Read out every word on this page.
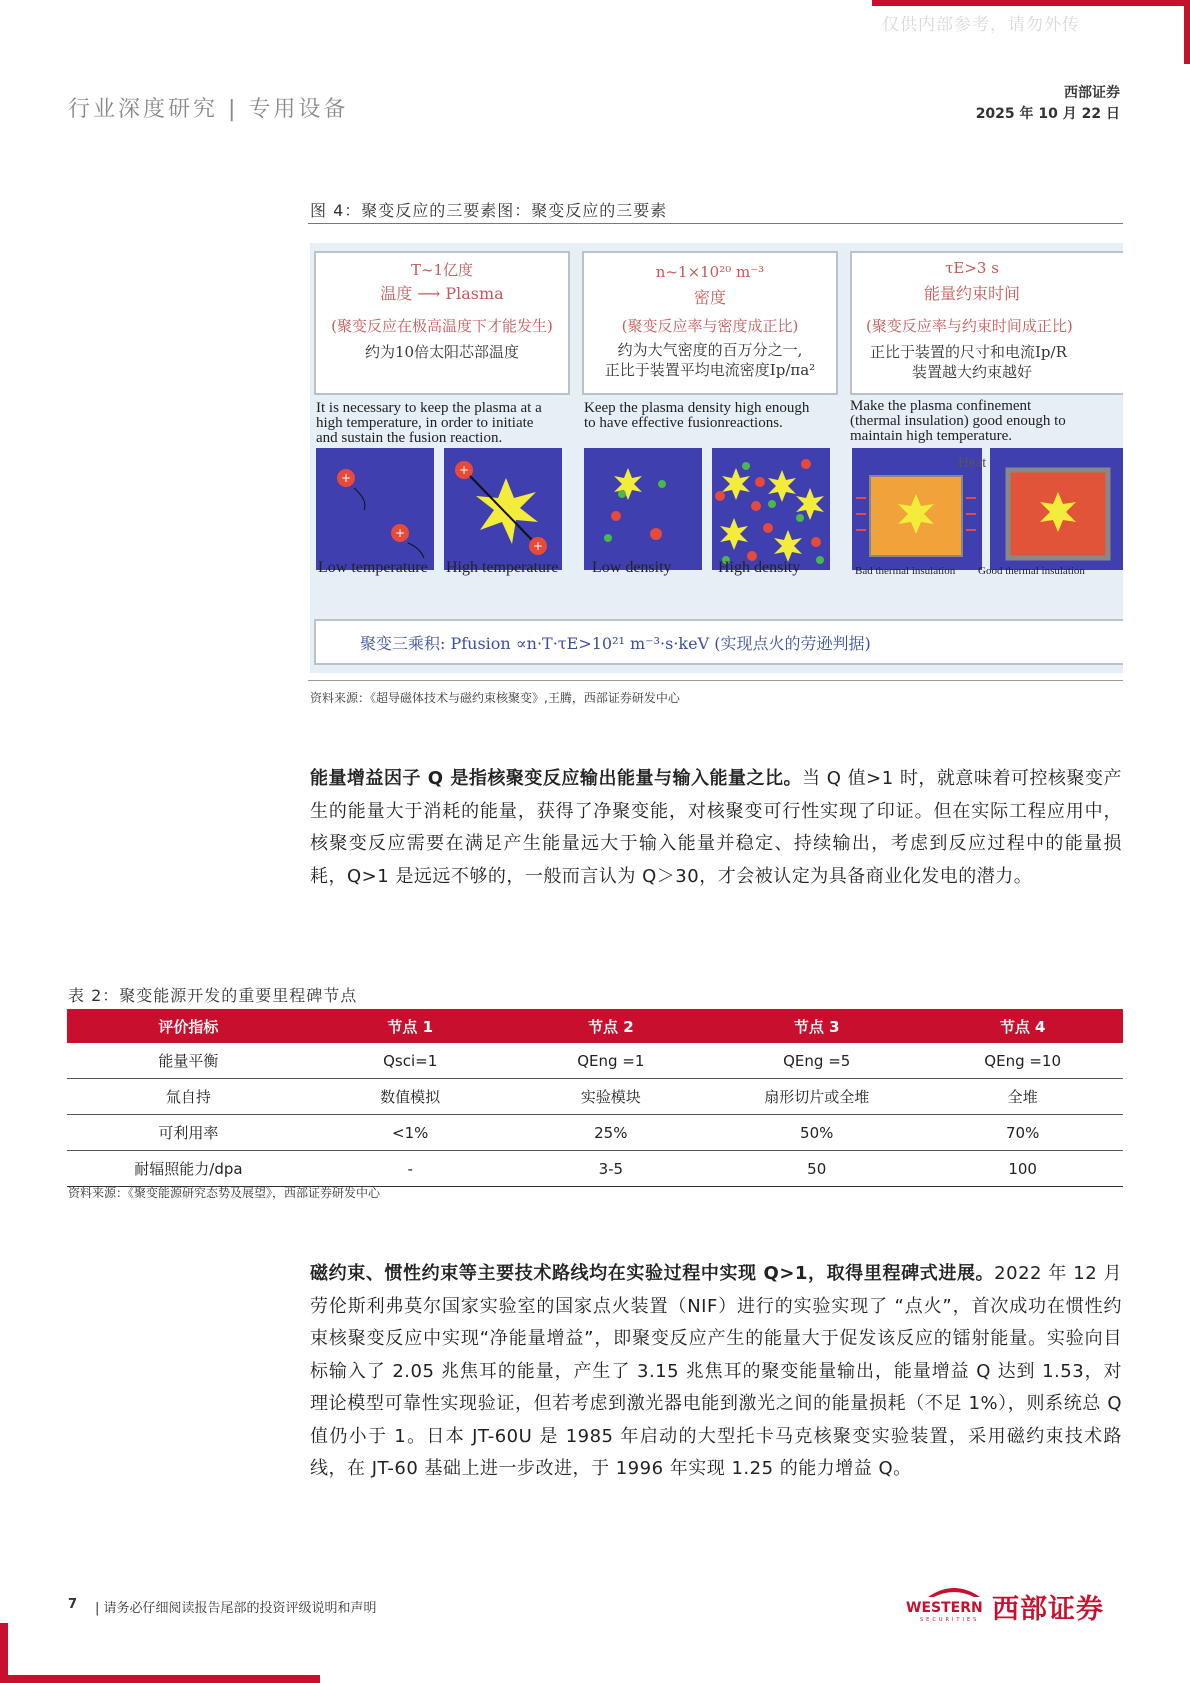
仅供内部参考，请勿外传
行业深度研究 | 专用设备
西部证券
2025 年 10 月 22 日
图 4：聚变反应的三要素图：聚变反应的三要素
T~1亿度
温度 ⟶ Plasma
(聚变反应在极高温度下才能发生)
约为10倍太阳芯部温度
n~1×10²⁰ m⁻³
密度
(聚变反应率与密度成正比)
约为大气密度的百万分之一,
正比于装置平均电流密度Ip/πa²
τE>3 s
能量约束时间
(聚变反应率与约束时间成正比)
正比于装置的尺寸和电流Ip/R
装置越大约束越好
It is necessary to keep the plasma at a
high temperature, in order to initiate
and sustain the fusion reaction.
Keep the plasma density high enough
to have effective fusionreactions.
Make the plasma confinement
(thermal insulation) good enough to
maintain high temperature.
+
+
+
+
Low temperature High temperature Low density	High density
Heat
Bad thermal insulation Good thermal insulation
聚变三乘积: Pfusion ∝n·T·τE>10²¹ m⁻³·s·keV (实现点火的劳逊判据)
资料来源：《超导磁体技术与磁约束核聚变》,王腾，西部证券研发中心
能量增益因子 Q 是指核聚变反应输出能量与输入能量之比。当 Q 值>1 时，就意味着可控核聚变产生的能量大于消耗的能量，获得了净聚变能，对核聚变可行性实现了印证。但在实际工程应用中，核聚变反应需要在满足产生能量远大于输入能量并稳定、持续输出，考虑到反应过程中的能量损耗，Q>1 是远远不够的，一般而言认为 Q＞30，才会被认定为具备商业化发电的潜力。
表 2：聚变能源开发的重要里程碑节点
评价指标	节点 1	节点 2	节点 3	节点 4
能量平衡	Qsci=1	QEng =1	QEng =5	QEng =10
氚自持	数值模拟	实验模块	扇形切片或全堆	全堆
可利用率	<1%	25%	50%	70%
耐辐照能力/dpa	-	3-5	50	100
资料来源：《聚变能源研究态势及展望》，西部证券研发中心
磁约束、惯性约束等主要技术路线均在实验过程中实现 Q>1，取得里程碑式进展。2022 年 12 月劳伦斯利弗莫尔国家实验室的国家点火装置（NIF）进行的实验实现了 “点火”，首次成功在惯性约束核聚变反应中实现“净能量增益”，即聚变反应产生的能量大于促发该反应的镭射能量。实验向目标输入了 2.05 兆焦耳的能量，产生了 3.15 兆焦耳的聚变能量输出，能量增益 Q 达到 1.53，对理论模型可靠性实现验证，但若考虑到激光器电能到激光之间的能量损耗（不足 1%），则系统总 Q 值仍小于 1。日本 JT-60U 是 1985 年启动的大型托卡马克核聚变实验装置，采用磁约束技术路线，在 JT-60 基础上进一步改进，于 1996 年实现 1.25 的能力增益 Q。
7 | 请务必仔细阅读报告尾部的投资评级说明和声明	WESTERN
SECURITIES 西部证券
